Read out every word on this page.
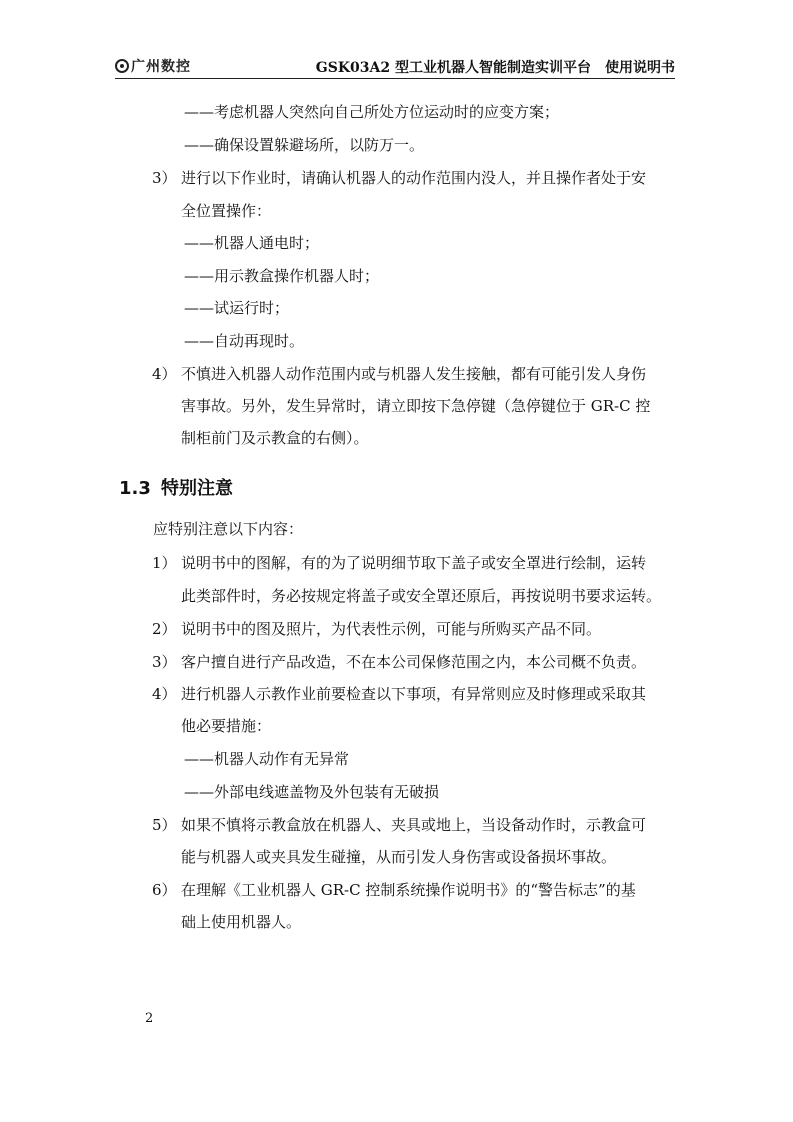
广州数控	GSK03A2 型工业机器人智能制造实训平台　使用说明书
——考虑机器人突然向自己所处方位运动时的应变方案；
——确保设置躲避场所，以防万一。
3） 进行以下作业时，请确认机器人的动作范围内没人，并且操作者处于安
全位置操作：
——机器人通电时；
——用示教盒操作机器人时；
——试运行时；
——自动再现时。
4） 不慎进入机器人动作范围内或与机器人发生接触，都有可能引发人身伤
害事故。另外，发生异常时，请立即按下急停键（急停键位于 GR-C 控
制柜前门及示教盒的右侧）。
1.3 特别注意
应特别注意以下内容：
1） 说明书中的图解，有的为了说明细节取下盖子或安全罩进行绘制，运转
此类部件时，务必按规定将盖子或安全罩还原后，再按说明书要求运转。
2） 说明书中的图及照片，为代表性示例，可能与所购买产品不同。
3） 客户擅自进行产品改造，不在本公司保修范围之内，本公司概不负责。
4） 进行机器人示教作业前要检查以下事项，有异常则应及时修理或采取其
他必要措施：
——机器人动作有无异常
——外部电线遮盖物及外包装有无破损
5） 如果不慎将示教盒放在机器人、夹具或地上，当设备动作时，示教盒可
能与机器人或夹具发生碰撞，从而引发人身伤害或设备损坏事故。
6） 在理解《工业机器人 GR-C 控制系统操作说明书》的“警告标志”的基
础上使用机器人。
2
